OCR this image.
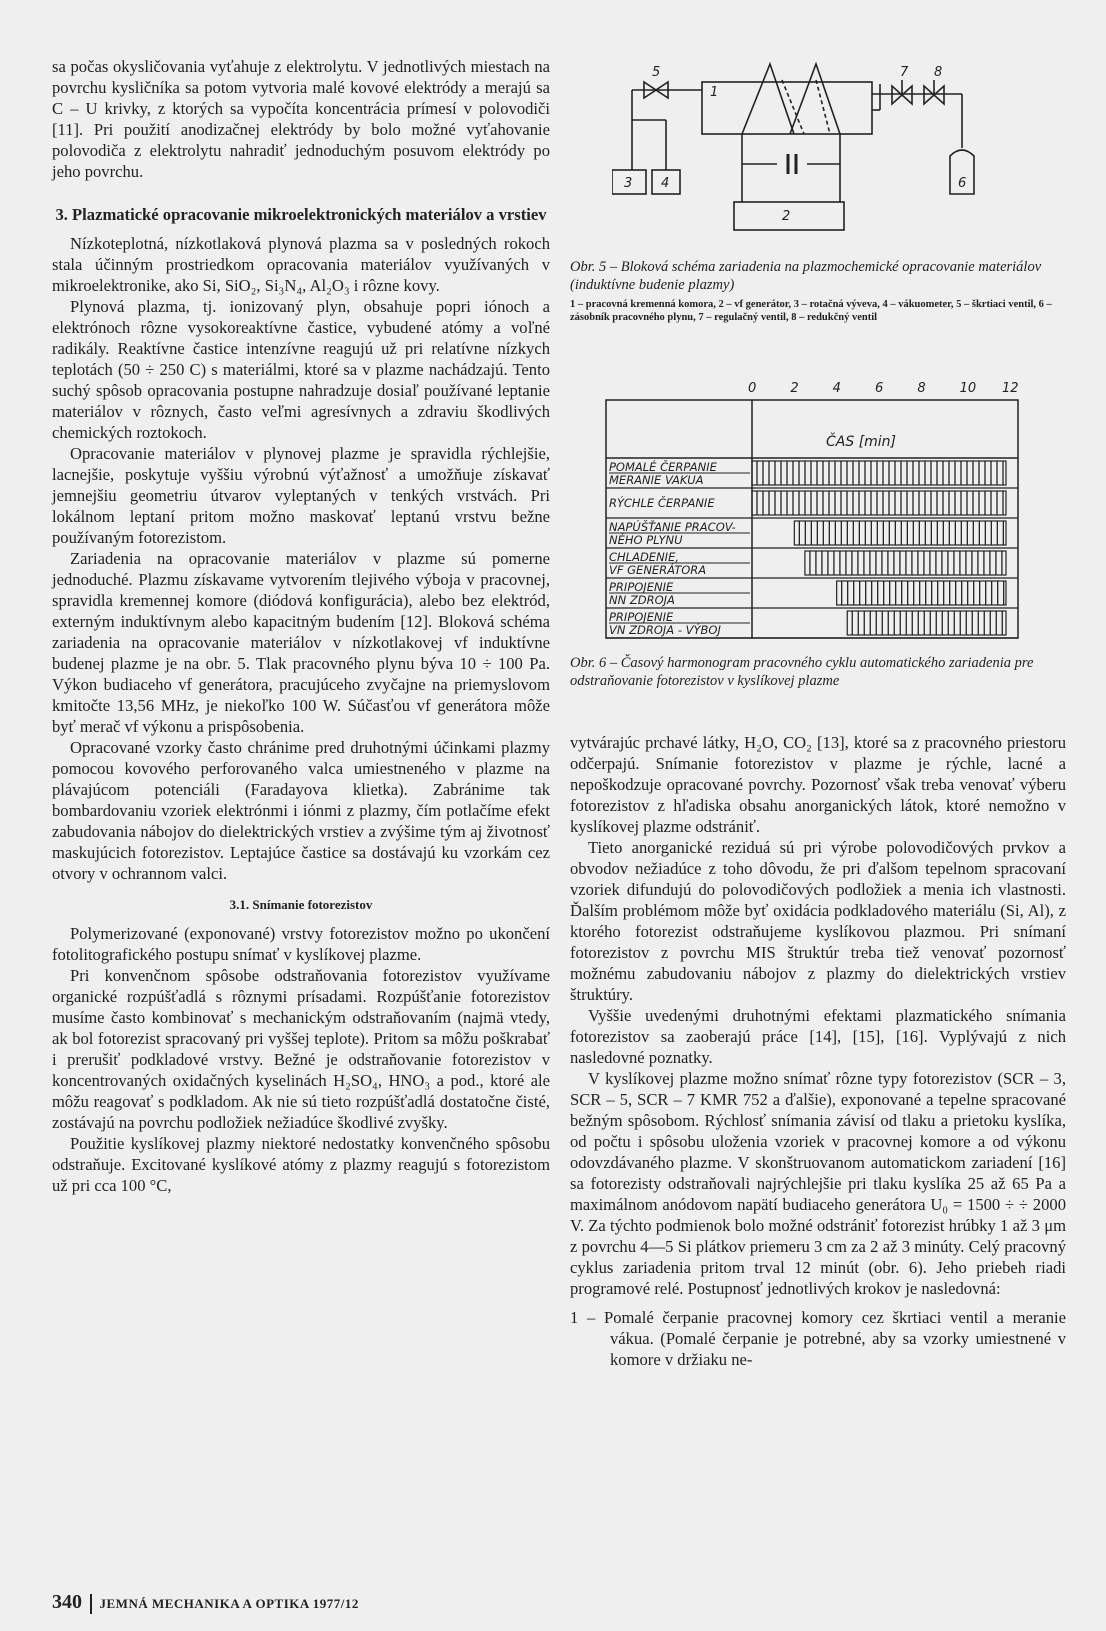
sa počas okysličovania vyťahuje z elektrolytu. V jednotlivých miestach na povrchu kysličníka sa potom vytvoria malé kovové elektródy a merajú sa C – U krivky, z ktorých sa vypočíta koncentrácia prímesí v polovodiči [11]. Pri použití anodizačnej elektródy by bolo možné vyťahovanie polovodiča z elektrolytu nahradiť jednoduchým posuvom elektródy po jeho povrchu.

3. Plazmatické opracovanie mikroelektronických materiálov a vrstiev

Nízkoteplotná, nízkotlaková plynová plazma sa v posledných rokoch stala účinným prostriedkom opracovania materiálov využívaných v mikroelektronike, ako Si, SiO₂, Si₃N₄, Al₂O₃ i rôzne kovy.

Plynová plazma, tj. ionizovaný plyn, obsahuje popri iónoch a elektrónoch rôzne vysokoreaktívne častice, vybudené atómy a voľné radikály. Reaktívne častice intenzívne reagujú už pri relatívne nízkych teplotách (50 ÷ 250 C) s materiálmi, ktoré sa v plazme nachádzajú. Tento suchý spôsob opracovania postupne nahradzuje dosiaľ používané leptanie materiálov v rôznych, často veľmi agresívnych a zdraviu škodlivých chemických roztokoch.

Opracovanie materiálov v plynovej plazme je spravidla rýchlejšie, lacnejšie, poskytuje vyššiu výrobnú výťažnosť a umožňuje získavať jemnejšiu geometriu útvarov vyleptaných v tenkých vrstvách. Pri lokálnom leptaní pritom možno maskovať leptanú vrstvu bežne používaným fotorezistom.

Zariadenia na opracovanie materiálov v plazme sú pomerne jednoduché. Plazmu získavame vytvorením tlejivého výboja v pracovnej, spravidla kremennej komore (diódová konfigurácia), alebo bez elektród, externým induktívnym alebo kapacitným budením [12]. Bloková schéma zariadenia na opracovanie materiálov v nízkotlakovej vf induktívne budenej plazme je na obr. 5. Tlak pracovného plynu býva 10 ÷ 100 Pa. Výkon budiaceho vf generátora, pracujúceho zvyčajne na priemyslovom kmitočte 13,56 MHz, je niekoľko 100 W. Súčasťou vf generátora môže byť merač vf výkonu a prispôsobenia.

Opracované vzorky často chránime pred druhotnými účinkami plazmy pomocou kovového perforovaného valca umiestneného v plazme na plávajúcom potenciáli (Faradayova klietka). Zabránime tak bombardovaniu vzoriek elektrónmi i iónmi z plazmy, čím potlačíme efekt zabudovania nábojov do dielektrických vrstiev a zvýšime tým aj životnosť maskujúcich fotorezistov. Leptajúce častice sa dostávajú ku vzorkám cez otvory v ochrannom valci.

3.1. Snímanie fotorezistov

Polymerizované (exponované) vrstvy fotorezistov možno po ukončení fotolitografického postupu snímať v kyslíkovej plazme.

Pri konvenčnom spôsobe odstraňovania fotorezistov využívame organické rozpúšťadlá s rôznymi prísadami. Rozpúšťanie fotorezistov musíme často kombinovať s mechanickým odstraňovaním (najmä vtedy, ak bol fotorezist spracovaný pri vyššej teplote). Pritom sa môžu poškrabať i prerušiť podkladové vrstvy. Bežné je odstraňovanie fotorezistov v koncentrovaných oxidačných kyselinách H₂SO₄, HNO₃ a pod., ktoré ale môžu reagovať s podkladom. Ak nie sú tieto rozpúšťadlá dostatočne čisté, zostávajú na povrchu podložiek nežiadúce škodlivé zvyšky.

Použitie kyslíkovej plazmy niektoré nedostatky konvenčného spôsobu odstraňuje. Excitované kyslíkové atómy z plazmy reagujú s fotorezistom už pri cca 100 °C,

5
1
2
3 4	6
7 8

Obr. 5 – Bloková schéma zariadenia na plazmochemické opracovanie materiálov (induktívne budenie plazmy)

1 – pracovná kremenná komora, 2 – vf generátor, 3 – rotačná výveva, 4 – vákuometer, 5 – škrtiaci ventil, 6 – zásobník pracovného plynu, 7 – regulačný ventil, 8 – redukčný ventil

0	2	4	6	8	10 12
ČAS [min]
POMALÉ ČERPANIE
MERANIE VAKUA
RÝCHLE ČERPANIE
NAPÚŠŤANIE PRACOV-
NÉHO PLYNU
CHLADENIE,
VF GENERÁTORA
PRIPOJENIE
NN ZDROJA
PRIPOJENIE
VN ZDROJA - VÝBOJ

Obr. 6 – Časový harmonogram pracovného cyklu automatického zariadenia pre odstraňovanie fotorezistov v kyslíkovej plazme

vytvárajúc prchavé látky, H₂O, CO₂ [13], ktoré sa z pracovného priestoru odčerpajú. Snímanie fotorezistov v plazme je rýchle, lacné a nepoškodzuje opracované povrchy. Pozornosť však treba venovať výberu fotorezistov z hľadiska obsahu anorganických látok, ktoré nemožno v kyslíkovej plazme odstrániť.

Tieto anorganické reziduá sú pri výrobe polovodičových prvkov a obvodov nežiadúce z toho dôvodu, že pri ďalšom tepelnom spracovaní vzoriek difundujú do polovodičových podložiek a menia ich vlastnosti. Ďalším problémom môže byť oxidácia podkladového materiálu (Si, Al), z ktorého fotorezist odstraňujeme kyslíkovou plazmou. Pri snímaní fotorezistov z povrchu MIS štruktúr treba tiež venovať pozornosť možnému zabudovaniu nábojov z plazmy do dielektrických vrstiev štruktúry.

Vyššie uvedenými druhotnými efektami plazmatického snímania fotorezistov sa zaoberajú práce [14], [15], [16]. Vyplývajú z nich nasledovné poznatky.

V kyslíkovej plazme možno snímať rôzne typy fotorezistov (SCR – 3, SCR – 5, SCR – 7 KMR 752 a ďalšie), exponované a tepelne spracované bežným spôsobom. Rýchlosť snímania závisí od tlaku a prietoku kyslíka, od počtu i spôsobu uloženia vzoriek v pracovnej komore a od výkonu odovzdávaného plazme. V skonštruovanom automatickom zariadení [16] sa fotorezisty odstraňovali najrýchlejšie pri tlaku kyslíka 25 až 65 Pa a maximálnom anódovom napätí budiaceho generátora U₀ = 1500 ÷ ÷ 2000 V. Za týchto podmienok bolo možné odstrániť fotorezist hrúbky 1 až 3 μm z povrchu 4—5 Si plátkov priemeru 3 cm za 2 až 3 minúty. Celý pracovný cyklus zariadenia pritom trval 12 minút (obr. 6). Jeho priebeh riadi programové relé. Postupnosť jednotlivých krokov je nasledovná:

1 – Pomalé čerpanie pracovnej komory cez škrtiaci ventil a meranie vákua. (Pomalé čerpanie je potrebné, aby sa vzorky umiestnené v komore v držiaku ne-

340 JEMNÁ MECHANIKA A OPTIKA 1977/12
